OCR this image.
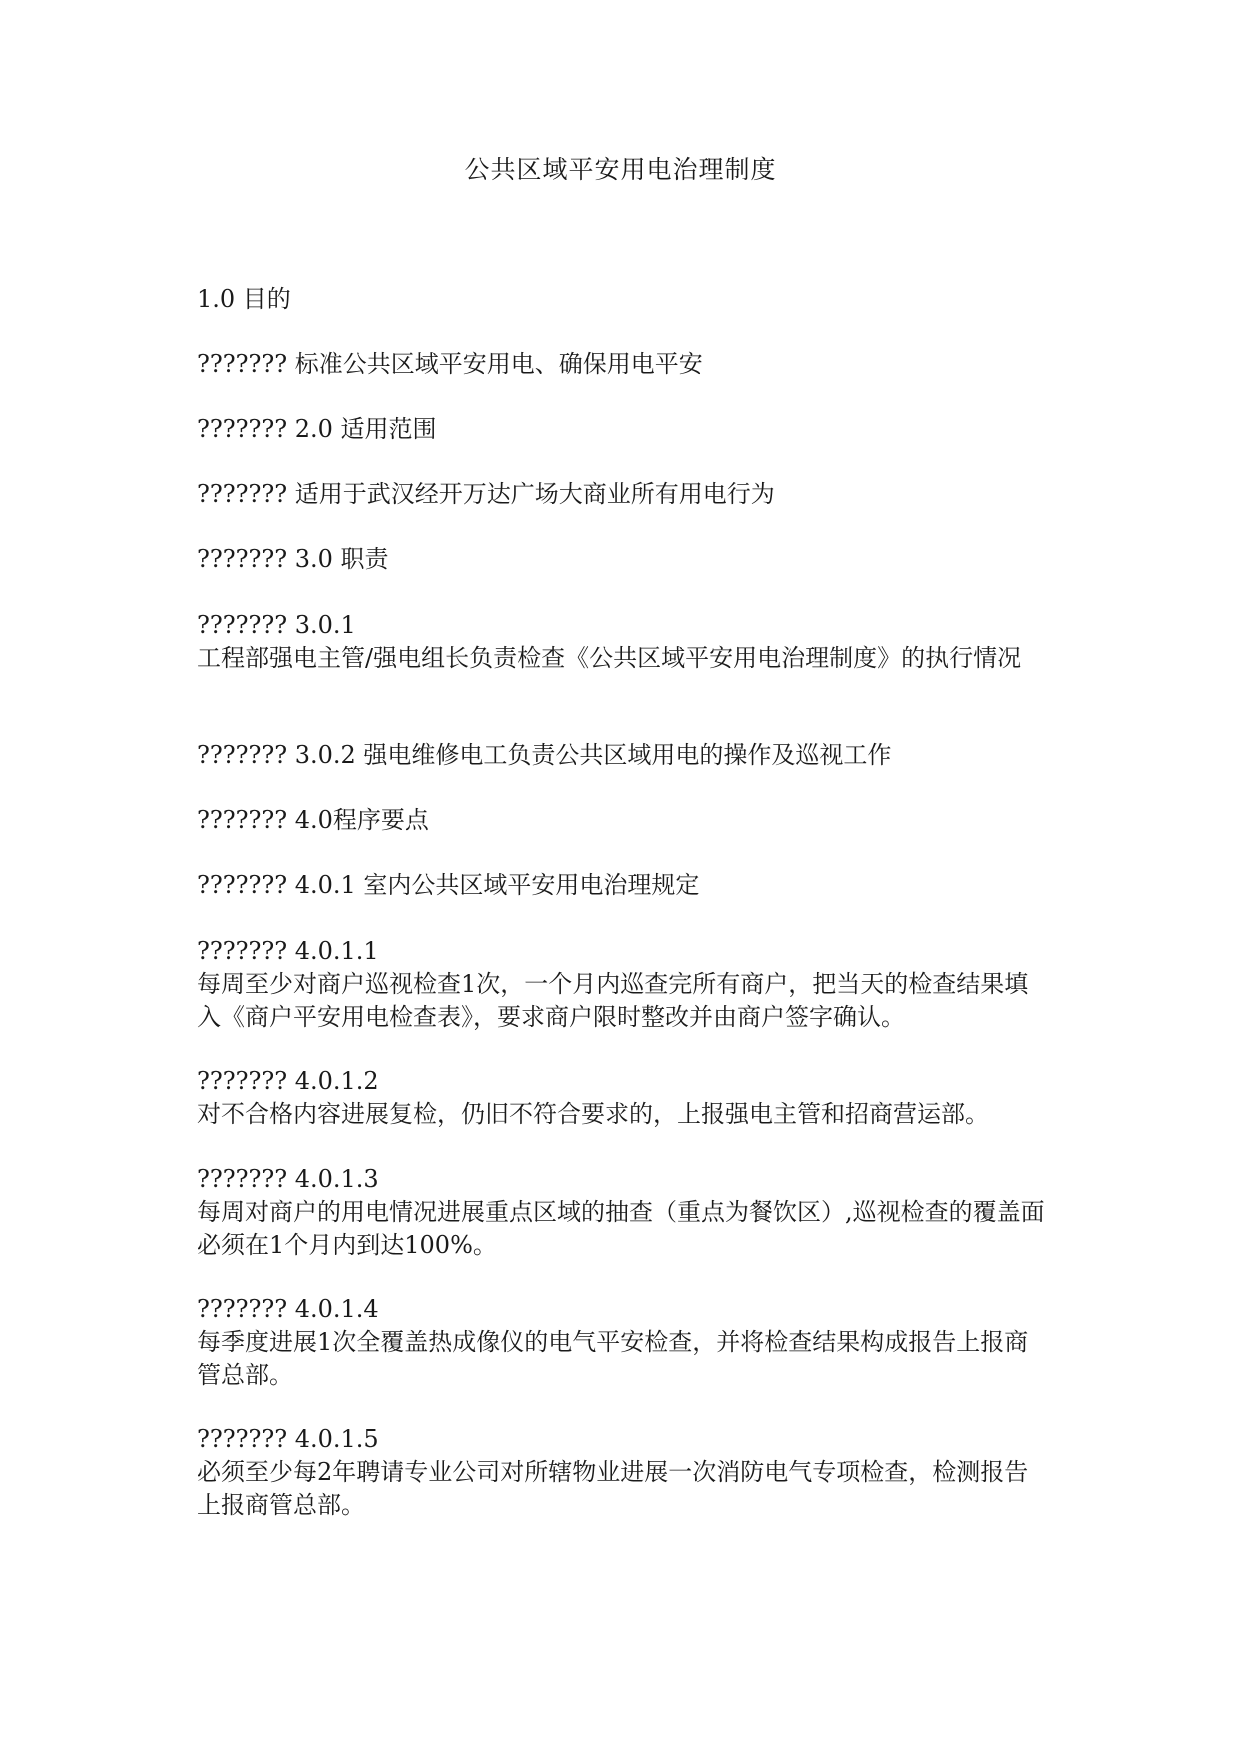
公共区域平安用电治理制度
1.0 目的
??????? 标准公共区域平安用电、确保用电平安
??????? 2.0 适用范围
??????? 适用于武汉经开万达广场大商业所有用电行为
??????? 3.0 职责
??????? 3.0.1
工程部强电主管/强电组长负责检查《公共区域平安用电治理制度》的执行情况
??????? 3.0.2 强电维修电工负责公共区域用电的操作及巡视工作
??????? 4.0程序要点
??????? 4.0.1 室内公共区域平安用电治理规定
??????? 4.0.1.1
每周至少对商户巡视检查1次，一个月内巡查完所有商户，把当天的检查结果填入《商户平安用电检查表》，要求商户限时整改并由商户签字确认。
??????? 4.0.1.2
对不合格内容进展复检，仍旧不符合要求的，上报强电主管和招商营运部。
??????? 4.0.1.3
每周对商户的用电情况进展重点区域的抽查（重点为餐饮区）,巡视检查的覆盖面必须在1个月内到达100%。
??????? 4.0.1.4
每季度进展1次全覆盖热成像仪的电气平安检查，并将检查结果构成报告上报商管总部。
??????? 4.0.1.5
必须至少每2年聘请专业公司对所辖物业进展一次消防电气专项检查，检测报告上报商管总部。
